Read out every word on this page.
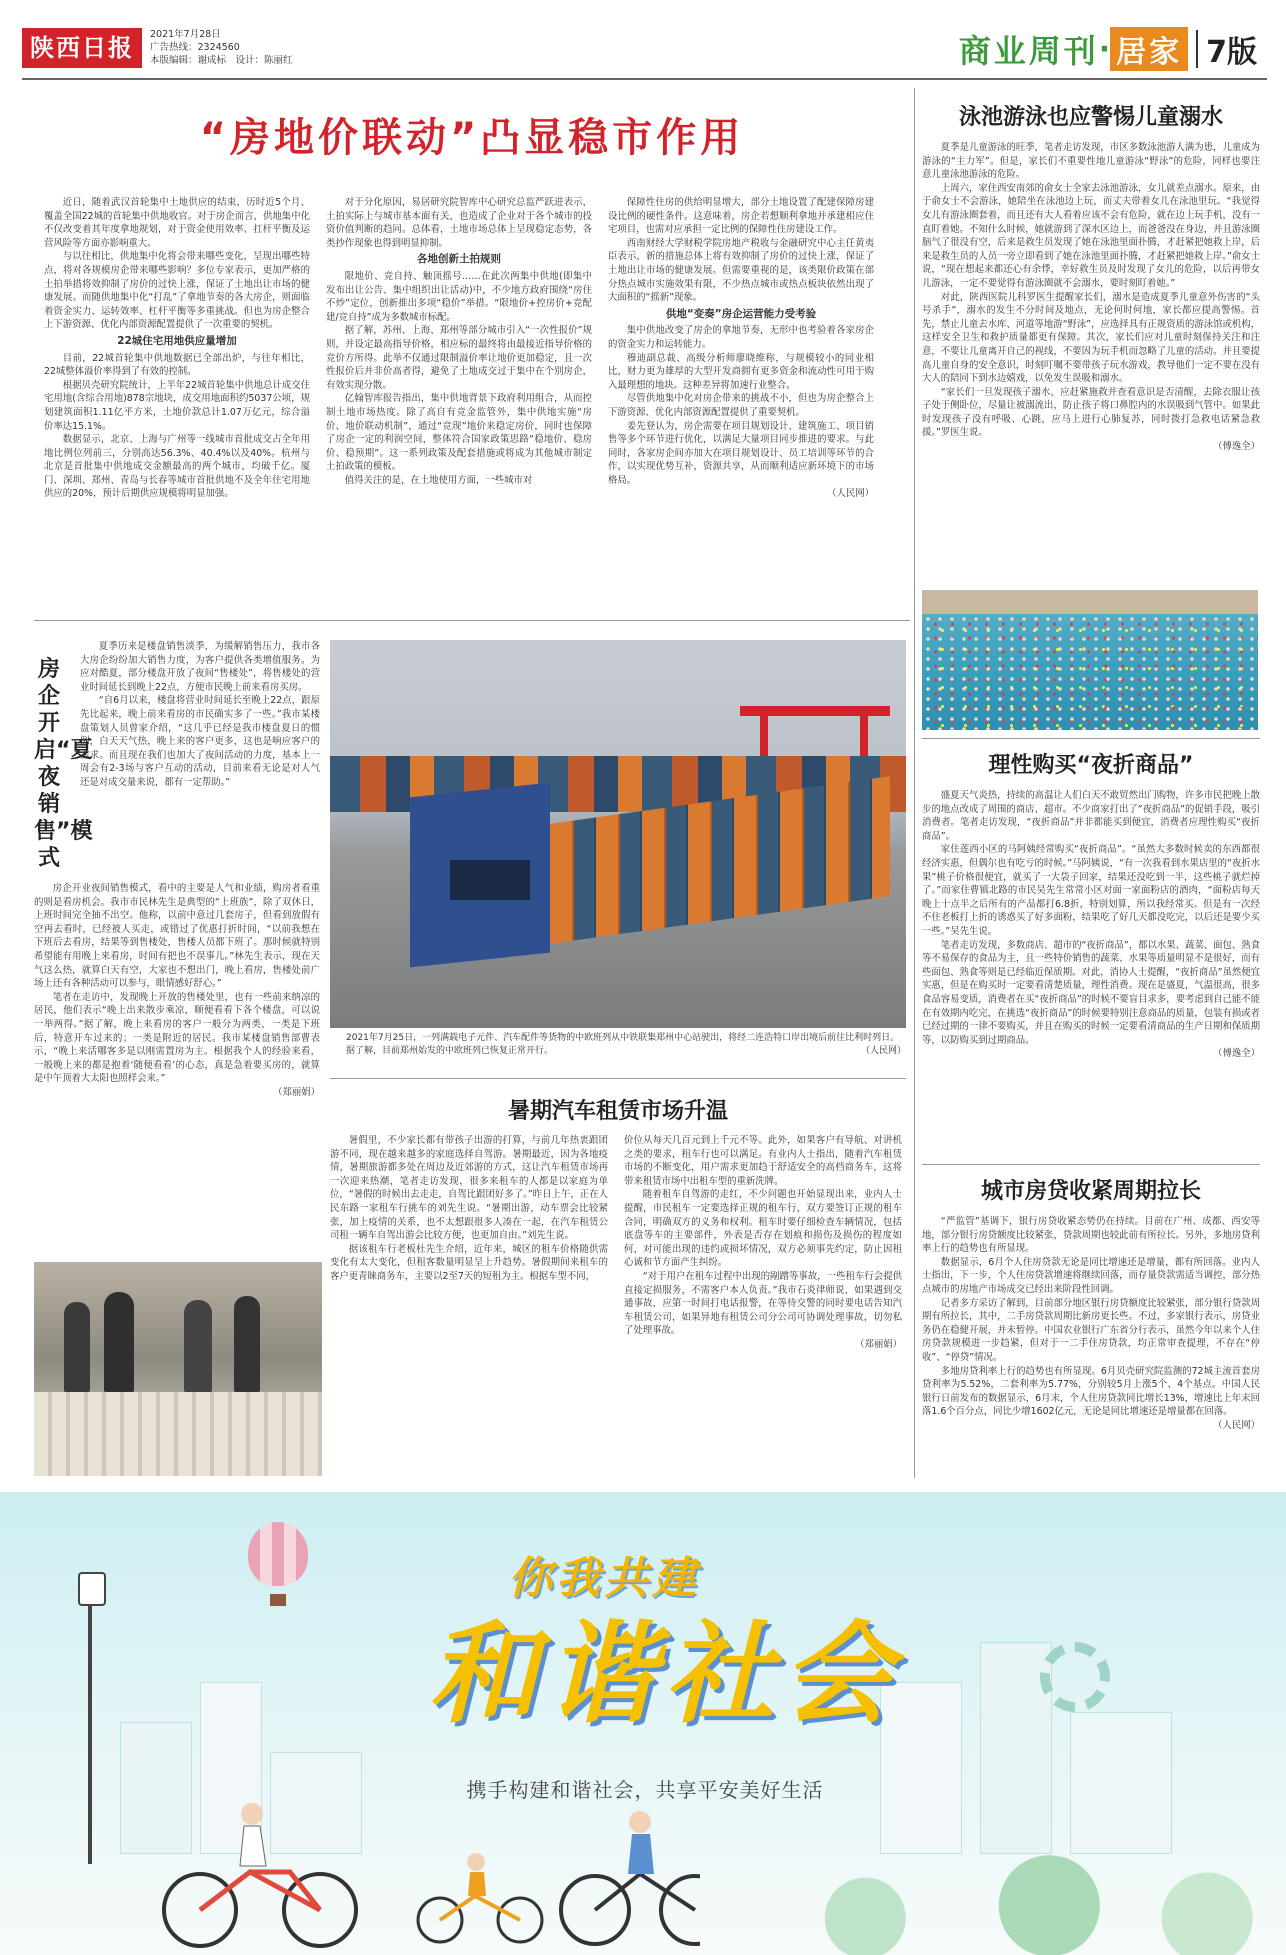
陕西日报	2021年7月28日
广告热线：2324560
本版编辑：谢成标　设计：陈丽红	商业周刊 · 居家 7版
“房地价联动”凸显稳市作用

近日，随着武汉首轮集中土地供应的结束，历时近5个月、覆盖全国22城的首轮集中供地收官。对于房企而言，供地集中化不仅改变着其年度拿地规划，对于资金使用效率、扛杆平衡及运营风险等方面亦影响重大。

与以往相比，供地集中化将会带来哪些变化，呈现出哪些特点，将对各规模房企带来哪些影响？多位专家表示，更加严格的土拍举措将效抑制了房价的过快上涨，保证了土地出让市场的健康发展。而随供地集中化“打乱”了拿地节奏的各大房企，则面临着资金实力、运转效率、杠杆平衡等多重挑战。但也为房企整合上下游资源、优化内部资源配置提供了一次重要的契机。

22城住宅用地供应量增加

目前，22城首轮集中供地数据已全部出炉，与往年相比，22城整体溢价率得到了有效的控制。

根据贝壳研究院统计，上半年22城首轮集中供地总计成交住宅用地(含综合用地)878宗地块，成交用地面积约5037公顷，规划建筑面积1.11亿平方米，土地价款总计1.07万亿元，综合溢价率达15.1%。

数据显示，北京、上海与广州等一线城市首批成交占全年用地比例位列前三，分别高达56.3%、40.4%以及40%。杭州与北京是首批集中供地成交金额最高的两个城市，均破千亿。厦门、深圳、郑州、青岛与长春等城市首批供地不及全年住宅用地供应的20%，预计后期供应规模将明显加强。

对于分化原因，易居研究院智库中心研究总监严跃进表示，土拍实际上与城市基本面有关，也造成了企业对于各个城市的投资价值判断的趋同。总体看，土地市场总体上呈现稳定态势，各类抄作现象也得到明显抑制。

各地创新土拍规则

限地价、竞自持、触顶摇号……在此次两集中供地(即集中发布出让公告、集中组织出让活动)中，不少地方政府围绕“房住不炒”定位，创新推出多项“稳价”举措。“限地价+控房价+竞配建/竞自持”成为多数城市标配。

据了解，苏州、上海、郑州等部分城市引入“一次性报价”规则，并设定最高指导价格，相应标的最终将由最接近指导价格的竞价方所得。此举不仅通过限制溢价率让地价更加稳定，且一次性报价后并非价高者得，避免了土地成交过于集中在个别房企，有效实现分散。

亿翰智库报告指出，集中供地背景下政府利用组合，从而控制土地市场热度。除了高自有竞金监管外，集中供地实施“房价、地价联动机制”，通过“竞现”地价来稳定房价，同时也保障了房企一定的利润空间，整体符合国家政策思路“稳地价、稳房价、稳预期”。这一系列政策及配套措施或将成为其他城市制定土拍政策的模板。

值得关注的是，在土地使用方面，一些城市对

保障性住房的供给明显增大，部分土地设置了配建保障房建设比例的硬性条件。这意味着，房企若想顺利拿地并承建相应住宅项目，也需对应承担一定比例的保障性住房建设工作。

西南财经大学财税学院房地产税收与金融研究中心主任黄夷臣表示，新的措施总体上将有效抑制了房价的过快上涨，保证了土地出让市场的健康发展。但需要重视的是，该类限价政策在部分热点城市实施效果有限，不少热点城市或热点板块依然出现了大面积的“摇新”现象。

供地“变奏”房企运营能力受考验

集中供地改变了房企的拿地节奏，无形中也考验着各家房企的资金实力和运转能力。

穆迪副总裁、高级分析师廖晓维称，与规模较小的同业相比，财力更为雄厚的大型开发商拥有更多资金和流动性可用于购入最理想的地块。这种差异将加速行业整合。

尽管供地集中化对房企带来的挑战不小，但也为房企整合上下游资源、优化内部资源配置提供了重要契机。

姜先登认为，房企需要在项目规划设计、建筑施工、项目销售等多个环节进行优化，以满足大量项目同步推进的要求。与此同时，各家房企间亦加大在项目规划设计、员工培训等环节的合作，以实现优势互补，资源共享，从而顺利适应新环境下的市场格局。

（人民网）
泳池游泳也应警惕儿童溺水

夏季是儿童游泳的旺季，笔者走访发现，市区多数泳池游人满为患，儿童成为游泳的“主力军”。但是，家长们不重要性地儿童游泳“野泳”的危险，同样也要注意儿童泳池游泳的危险。

上周六，家住西安南郊的俞女士全家去泳池游泳，女儿就差点溺水。原来，由于俞女士不会游泳，她陪坐在泳池边上玩，而丈夫带着女儿在泳池里玩。“我觉得女儿有游泳圈套着，而且还有大人看着应该不会有危险，就在边上玩手机，没有一直盯着她。不知什么时候，她就游到了深水区边上，而爸爸没在身边，并且游泳圈脑气了很没有空，后来是救生员发现了她在泳池里面扑腾，才赶紧把她救上岸，后来是救生员的人员一旁立即看到了她在泳池里面扑腾，才赶紧把她救上岸。”俞女士说，“现在想起来都还心有余悸，幸好救生员及时发现了女儿的危险，以后再带女儿游泳，一定不要觉得有游泳圈就不会溺水，要时刻盯着她。”

对此，陕西医院儿科罗医生提醒家长们，溺水是造成夏季儿童意外伤害的“头号杀手”，溺水的发生不分时间及地点，无论何时何地，家长都应提高警惕。首先，禁止儿童去水库、河道等地游“野泳”，应选择具有正规资质的游泳馆或机构，这样安全卫生和救护质量都更有保障。其次，家长们应对儿童时刻保持关注和注意，不要让儿童离开自己的视线，不要因为玩手机而忽略了儿童的活动。并且要提高儿童自身的安全意识，时刻叮嘱不要带孩子玩水游戏，教导他们一定不要在没有大人的陪同下到水边嬉戏，以免发生误吸和溺水。

“家长们一旦发现孩子溺水，应赶紧施救并查看意识是否清醒，去除衣服让孩子处于侧卧位，尽量让被溺流出，防止孩子将口鼻腔内的水误吸到气管中。如果此时发现孩子没有呼吸、心跳，应马上进行心肺复苏，同时拨打急救电话紧急救援。”罗医生说。

（傅逸全）
理性购买“夜折商品”

盛夏天气炎热，持续的高温让人们白天不敢贸然出门购物，许多市民把晚上散步的地点改成了周围的商店、超市。不少商家打出了“夜折商品”的促销手段，吸引消费者。笔者走访发现，“夜折商品”并非都能买到便宜，消费者应理性购买“夜折商品”。

家住莲西小区的马阿姨经常购买“夜折商品”。“虽然大多数时候卖的东西都很经济实惠，但偶尔也有吃亏的时候。”马阿姨说，“有一次我看到水果店里的“夜折水果”桃子价格很便宜，就买了一大袋子回家，结果还没吃到一半，这些桃子就烂掉了。”而家住曹镇北路的市民吴先生常常小区对面一家面粉店的酒肉，“面粉店每天晚上十点半之后所有的产品都打6.8折，特别划算，所以我经常买。但是有一次经不住老板打上折的诱惑买了好多面粉，结果吃了好几天都没吃完，以后还是要少买一些。”吴先生说。

笔者走访发现，多数商店、超市的“夜折商品”，都以水果、蔬菜、面包、熟食等不易保存的食品为主，且一些特价销售的蔬菜、水果等质量明显不是很好，而有些面包、熟食等则是已经临近保质期。对此，消协人士提醒，“夜折商品”虽然便宜实惠，但是在购买时一定要看清楚质量，理性消费。现在是盛夏，气温很高，很多食品容易变质，消费者在买“夜折商品”的时候不要盲目求多，要考虑到自己能不能在有效期内吃完，在挑选“夜折商品”的时候要特别注意商品的质量，包装有损或者已经过期的一律不要购买，并且在购买的时候一定要看清商品的生产日期和保质期等，以防购买到过期商品。

（傅逸全）
城市房贷收紧周期拉长

“严监管”基调下，银行房贷收紧态势仍在持续。目前在广州、成都、西安等地，部分银行房贷额度比较紧张，贷款周期也较此前有所拉长。另外，多地房贷利率上行的趋势也有所显现。

数据显示，6月个人住房贷款无论是同比增速还是增量，都有所回落。业内人士指出，下一步，个人住房贷款增速将继续回落，而存量贷款需适当调控，部分热点城市的房地产市场成交已经出来阶段性回调。

记者多方采访了解到，目前部分地区银行房贷额度比较紧张，部分银行贷款周期有所拉长，其中，二手房贷款周期比新房更长些。不过，多家银行表示，房贷业务仍在稳健开展，并未暂停。中国农业银行广东省分行表示，虽然今年以来个人住房贷款规模进一步趋紧，但对于一二手住房贷款，均正常审查提理，不存在“停收”、“停贷”情况。

多地房贷利率上行的趋势也有所显现。6月贝壳研究院监测的72城主流首套房贷利率为5.52%，二套利率为5.77%，分别较5月上涨5个、4个基点。中国人民银行日前发布的数据显示，6月末，个人住房贷款同比增长13%，增速比上年末回落1.6个百分点，同比少增1602亿元，无论是同比增速还是增量都在回落。

（人民网）
房企开启“夏夜销售”模式

夏季历来是楼盘销售淡季，为缓解销售压力，我市各大房企纷纷加大销售力度，为客户提供各类增值服务。为应对酷夏，部分楼盘开放了夜间“售楼处”，将售楼处的营业时间延长到晚上22点，方便市民晚上前来看房买房。

“自6月以来，楼盘将营业时间延长至晚上22点，跟原先比起来，晚上前来看房的市民确实多了一些。”我市某楼盘策划人员曾家介绍，“这几乎已经是我市楼盘夏日的惯例，白天天气热，晚上来的客户更多，这也是响应客户的需求。而且现在我们也加大了夜间活动的力度，基本上一周会有2-3场与客户互动的活动，目前来看无论是对人气还是对成交量来说，都有一定帮助。”

房企开业夜间销售模式，看中的主要是人气和业绩，购房者看重的则是看房机会。我市市民林先生是典型的“上班族”，除了双休日，上班时间完全抽不出空。他称，以前中意过几套房子，但看到放假有空再去看时，已经被人买走，或错过了优惠打折时间，“以前我想在下班后去看房，结果等到售楼处，售楼人员都下班了。那时候就特别希望能有用晚上来看房，时间有把也不误事儿。”林先生表示，现在天气这么热，就算白天有空，大家也不想出门，晚上看房，售楼处前广场上还有各种活动可以参与，眼情感好舒心。”

笔者在走访中，发现晚上开放的售楼处里，也有一些前来纳凉的居民，他们表示“晚上出来散步乘凉，顺便看看下各个楼盘，可以说一举两得。”据了解，晚上来看房的客户一般分为两类，一类是下班后，特意开车过来的；一类是附近的居民。我市某楼盘销售部曹表示，“晚上来活哪客多是以刚需置房为主。根据我个人的经验来看，一般晚上来的都是抱着‘随便看看’的心态，真是急着要买房的，就算是中午顶着大太阳也照样会来。”

（郑丽娟）
2021年7月25日，一列满载电子元件、汽车配件等货物的中欧班列从中铁联集郑州中心站驶出，将经二连浩特口岸出境后前往比利时列日。据了解，目前郑州始发的中欧班列已恢复正常开行。	（人民网）
暑期汽车租赁市场升温

暑假里，不少家长都有带孩子出游的打算，与前几年热衷跟团游不同，现在越来越多的家庭选择自驾游。暑期最近，因为各地疫情，暑期旅游都多处在周边及近郊游的方式，这让汽车租赁市场再一次迎来热潮，笔者走访发现，很多来租车的人都是以家庭为单位，“暑假的时候出去走走，自驾比跟团好多了。”昨日上午，正在人民东路一家租车行挑车的刘先生说。“暑期出游，动车票会比较紧张，加上疫情的关系，也不太想跟很多人凑在一起，在汽车租赁公司租一辆车自驾出游会比较方便，也更加自由。”刘先生说。

据该租车行老板杜先生介绍，近年来，城区的租车价格随供需变化有太大变化，但租客数量明显呈上升趋势。暑假期间来租车的客户更青睐商务车，主要以2至7天的短租为主。根据车型不同，

价位从每天几百元到上千元不等。此外，如果客户有导航、对讲机之类的要求，租车行也可以满足。有业内人士指出，随着汽车租赁市场的不断变化，用户需求更加趋于舒适安全的高档商务车，这将带来租赁市场中出租车型的重新洗牌。

随着租车自驾游的走红，不少问题也开始显现出来，业内人士提醒，市民租车一定要选择正规的租车行，双方要签订正规的租车合同，明确双方的义务和权利。租车时要仔细检查车辆情况，包括底盘等车的主要部件，外表是否存在划痕和损伤及损伤的程度如何，对可能出现的违约或损坏情况，双方必须事先约定，防止因租心诚和节方面产生纠纷。

“对于用户在租车过程中出现的剐蹭等事故，一些租车行会提供直接定损服务，不需客户本人负责。”我市石炎律师说，如果遇到交通事故，应第一时间打电话报警，在等待交警的同时要电话告知汽车租赁公司，如果异地有租赁公司分公司可协调处理事故，切勿私了处理事故。

（郑丽娟）
你我共建
和谐社会
携手构建和谐社会，共享平安美好生活
